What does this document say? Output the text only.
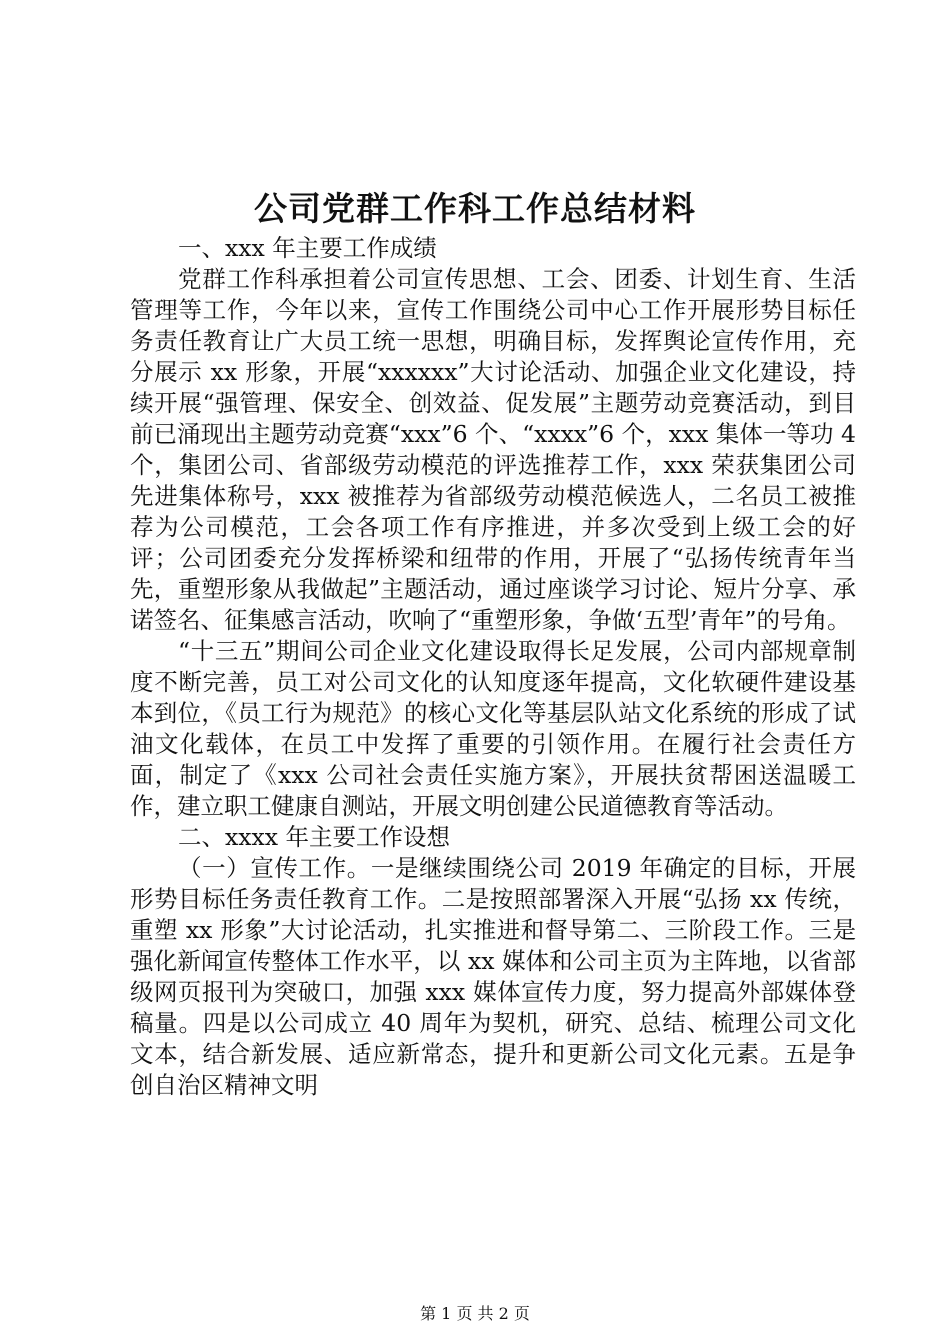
公司党群工作科工作总结材料

一、xxx 年主要工作成绩

党群工作科承担着公司宣传思想、工会、团委、计划生育、生活管理等工作，今年以来，宣传工作围绕公司中心工作开展形势目标任务责任教育让广大员工统一思想，明确目标，发挥舆论宣传作用，充分展示 xx 形象，开展“xxxxxx”大讨论活动、加强企业文化建设，持续开展“强管理、保安全、创效益、促发展”主题劳动竞赛活动，到目前已涌现出主题劳动竞赛“xxx”6 个、“xxxx”6 个，xxx 集体一等功 4 个，集团公司、省部级劳动模范的评选推荐工作，xxx 荣获集团公司先进集体称号，xxx 被推荐为省部级劳动模范候选人，二名员工被推荐为公司模范，工会各项工作有序推进，并多次受到上级工会的好评；公司团委充分发挥桥梁和纽带的作用，开展了“弘扬传统青年当先，重塑形象从我做起”主题活动，通过座谈学习讨论、短片分享、承诺签名、征集感言活动，吹响了“重塑形象，争做‘五型’青年”的号角。

“十三五”期间公司企业文化建设取得长足发展，公司内部规章制度不断完善，员工对公司文化的认知度逐年提高，文化软硬件建设基本到位，《员工行为规范》的核心文化等基层队站文化系统的形成了试油文化载体，在员工中发挥了重要的引领作用。在履行社会责任方面，制定了《xxx 公司社会责任实施方案》，开展扶贫帮困送温暖工作，建立职工健康自测站，开展文明创建公民道德教育等活动。

二、xxxx 年主要工作设想

（一）宣传工作。一是继续围绕公司 2019 年确定的目标，开展形势目标任务责任教育工作。二是按照部署深入开展“弘扬 xx 传统，重塑 xx 形象”大讨论活动，扎实推进和督导第二、三阶段工作。三是强化新闻宣传整体工作水平，以 xx 媒体和公司主页为主阵地，以省部级网页报刊为突破口，加强 xxx 媒体宣传力度，努力提高外部媒体登稿量。四是以公司成立 40 周年为契机，研究、总结、梳理公司文化文本，结合新发展、适应新常态，提升和更新公司文化元素。五是争创自治区精神文明

第 1 页 共 2 页
